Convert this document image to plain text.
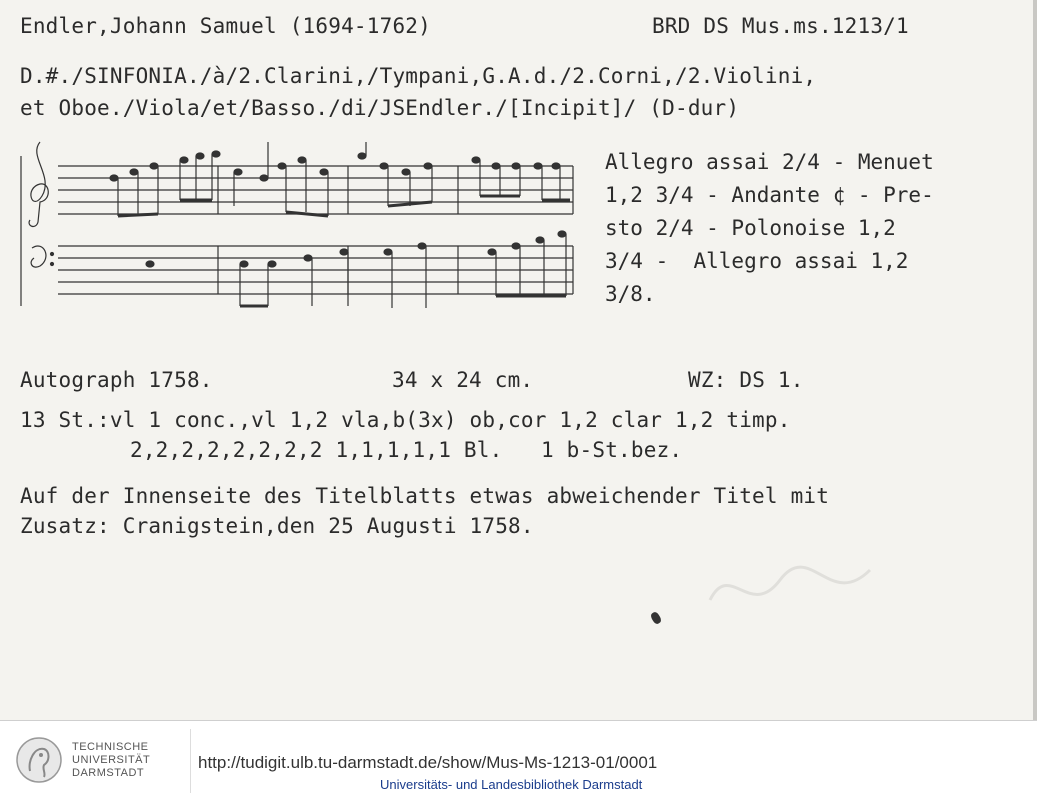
Endler,Johann Samuel (1694-1762)	BRD DS Mus.ms.1213/1
D.#./SINFONIA./à/2.Clarini,/Tympani,G.A.d./2.Corni,/2.Violini,
et Oboe./Viola/et/Basso./di/JSEndler./[Incipit]/ (D-dur)
Allegro assai 2/4 - Menuet
1,2 3/4 - Andante ¢ - Pre-
sto 2/4 - Polonoise 1,2
3/4 -  Allegro assai 1,2
3/8.
Autograph 1758.	34 x 24 cm.	WZ: DS 1.
13 St.:vl 1 conc.,vl 1,2 vla,b(3x) ob,cor 1,2 clar 1,2 timp.
2,2,2,2,2,2,2,2 1,1,1,1,1 Bl.   1 b-St.bez.
Auf der Innenseite des Titelblatts etwas abweichender Titel mit
Zusatz: Cranigstein,den 25 Augusti 1758.
TECHNISCHE
UNIVERSITÄT
DARMSTADT
http://tudigit.ulb.tu-darmstadt.de/show/Mus-Ms-1213-01/0001
Universitäts- und Landesbibliothek Darmstadt
